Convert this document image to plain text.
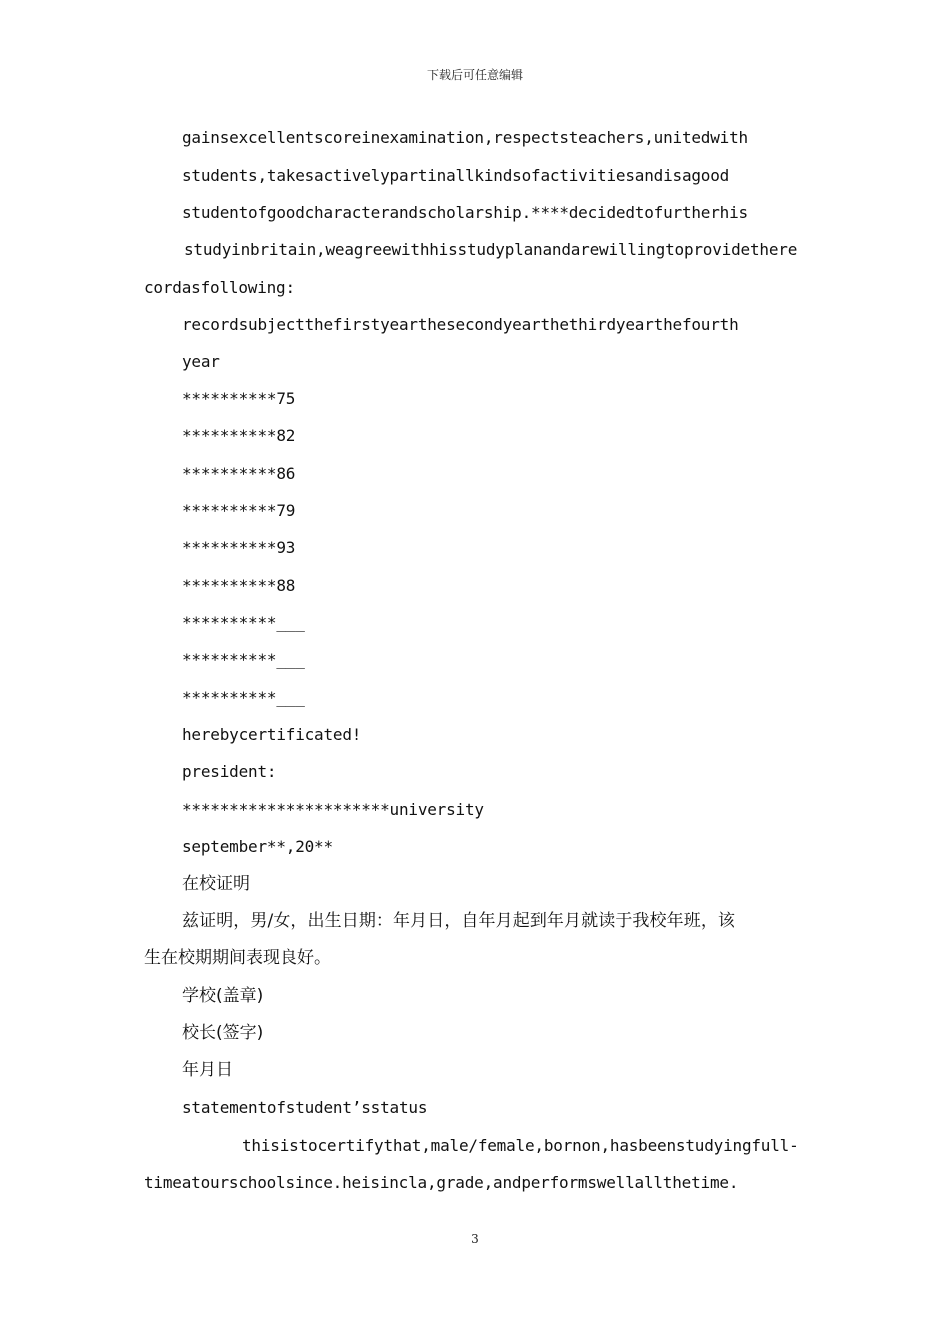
下载后可任意编辑
gainsexcellentscoreinexamination,respectsteachers,unitedwith
students,takesactivelypartinallkindsofactivitiesandisagood
studentofgoodcharacterandscholarship.****decidedtofurtherhis
studyinbritain,weagreewithhisstudyplanandarewillingtoprovidethere
cordasfollowing:
recordsubjectthefirstyearthesecondyearthethirdyearthefourth
year
**********75
**********82
**********86
**********79
**********93
**********88
**********___
**********___
**********___
herebycertificated!
president:
**********************university
september**,20**
在校证明
兹证明，男/女，出生日期：年月日，自年月起到年月就读于我校年班，该
生在校期期间表现良好。
学校(盖章)
校长(签字)
年月日
statementofstudent’sstatus
thisistocertifythat,male/female,bornon,hasbeenstudyingfull-
timeatourschoolsince.heisincla,grade,andperformswellallthetime.
3
